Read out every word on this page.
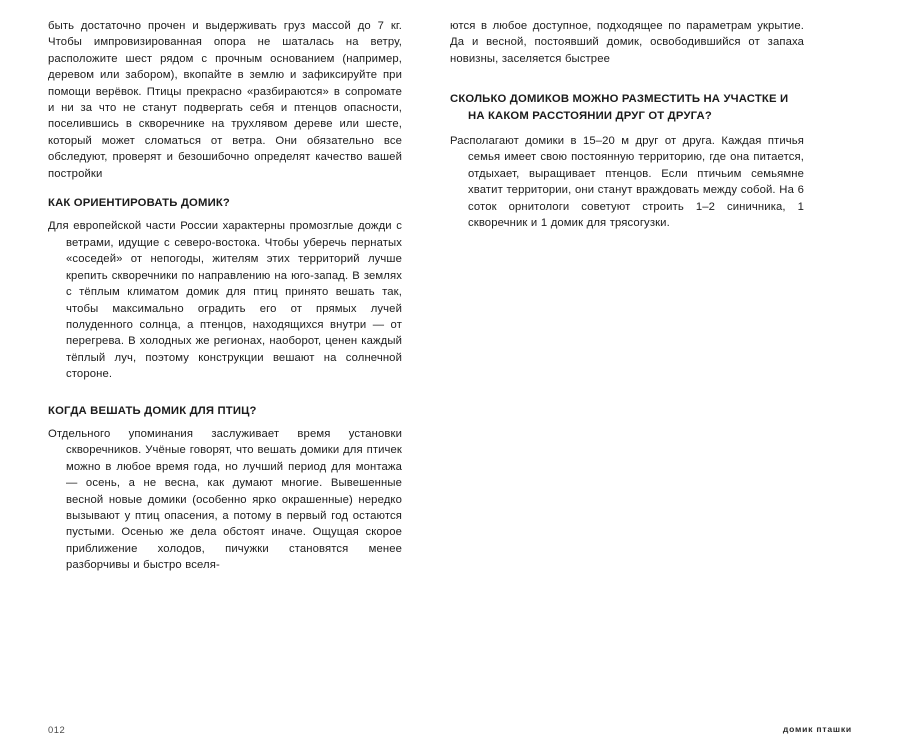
быть достаточно прочен и выдерживать груз массой до 7 кг. Чтобы импровизированная опора не шаталась на ветру, расположите шест рядом с прочным основанием (например, деревом или забором), вкопайте в землю и зафиксируйте при помощи верёвок. Птицы прекрасно «разбираются» в сопромате и ни за что не станут подвергать себя и птенцов опасности, поселившись в скворечнике на трухлявом дереве или шесте, который может сломаться от ветра. Они обязательно все обследуют, проверят и безошибочно определят качество вашей постройки

КАК ОРИЕНТИРОВАТЬ ДОМИК?

Для европейской части России характерны промозглые дожди с ветрами, идущие с северо-востока. Чтобы уберечь пернатых «соседей» от непогоды, жителям этих территорий лучше крепить скворечники по направлению на юго-запад. В землях с тёплым климатом домик для птиц принято вешать так, чтобы максимально оградить его от прямых лучей полуденного солнца, а птенцов, находящихся внутри — от перегрева. В холодных же регионах, наоборот, ценен каждый тёплый луч, поэтому конструкции вешают на солнечной стороне.

КОГДА ВЕШАТЬ ДОМИК ДЛЯ ПТИЦ?

Отдельного упоминания заслуживает время установки скворечников. Учёные говорят, что вешать домики для птичек можно в любое время года, но лучший период для монтажа — осень, а не весна, как думают многие. Вывешенные весной новые домики (особенно ярко окрашенные) нередко вызывают у птиц опасения, а потому в первый год остаются пустыми. Осенью же дела обстоят иначе. Ощущая скорое приближение холодов, пичужки становятся менее разборчивы и быстро вселя-

ются в любое доступное, подходящее по параметрам укрытие. Да и весной, постоявший домик, освободившийся от запаха новизны, заселяется быстрее

СКОЛЬКО ДОМИКОВ МОЖНО РАЗМЕСТИТЬ НА УЧАСТКЕ И НА КАКОМ РАССТОЯНИИ ДРУГ ОТ ДРУГА?

Располагают домики в 15–20 м друг от друга. Каждая птичья семья имеет свою постоянную территорию, где она питается, отдыхает, выращивает птенцов. Если птичьим семьямне хватит территории, они станут враждовать между собой. На 6 соток орнитологи советуют строить 1–2 синичника, 1 скворечник и 1 домик для трясогузки.

012	домик пташки
